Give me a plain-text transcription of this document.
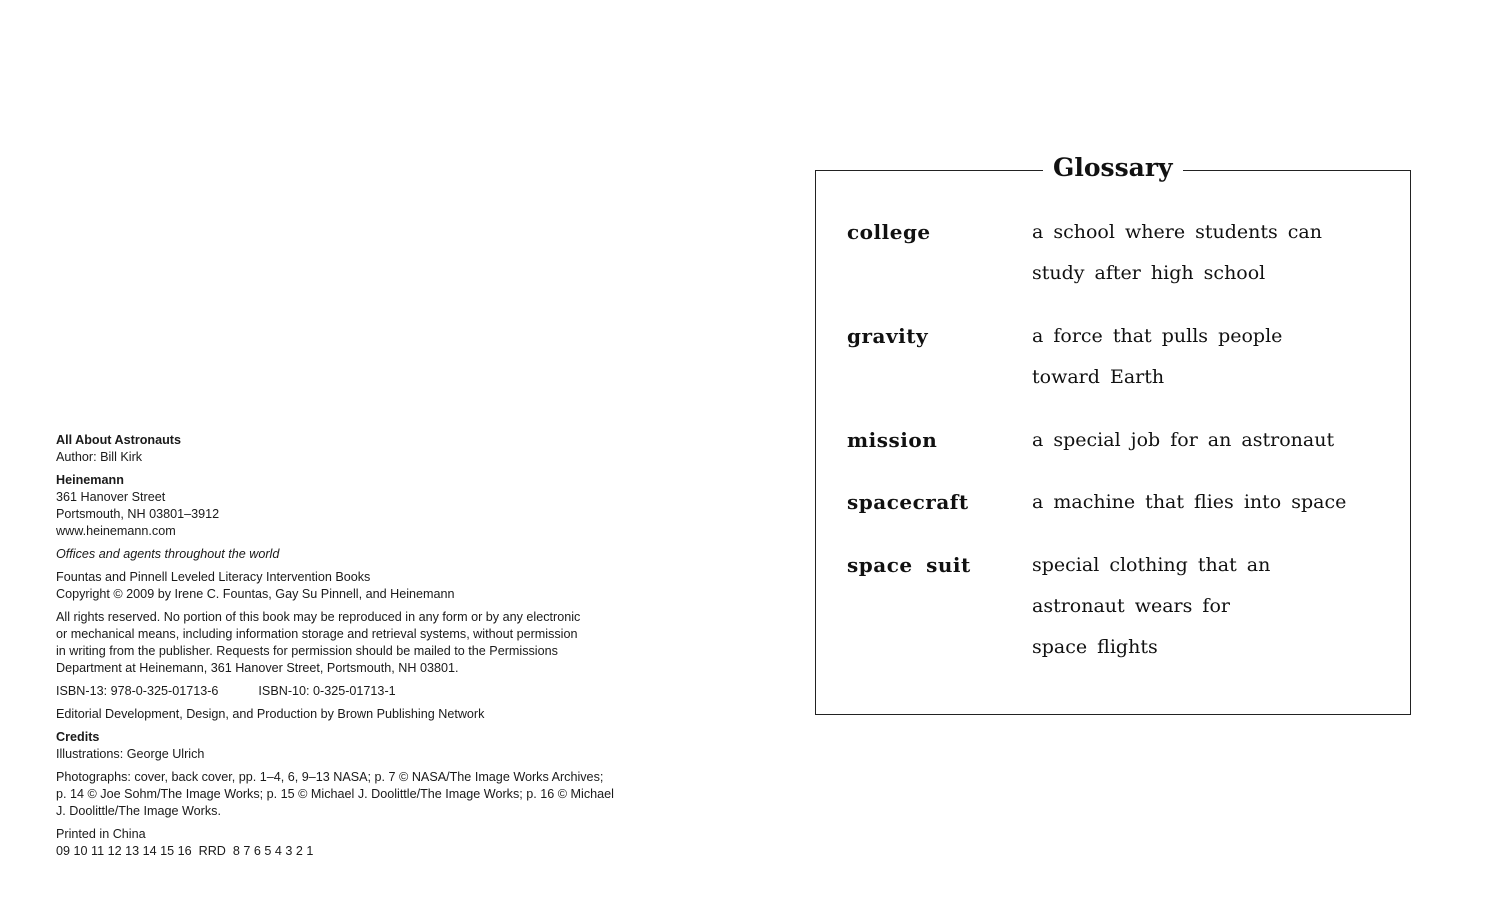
All About Astronauts
Author: Bill Kirk
Heinemann
361 Hanover Street
Portsmouth, NH 03801–3912
www.heinemann.com
Offices and agents throughout the world
Fountas and Pinnell Leveled Literacy Intervention Books
Copyright © 2009 by Irene C. Fountas, Gay Su Pinnell, and Heinemann
All rights reserved. No portion of this book may be reproduced in any form or by any electronic
or mechanical means, including information storage and retrieval systems, without permission
in writing from the publisher. Requests for permission should be mailed to the Permissions
Department at Heinemann, 361 Hanover Street, Portsmouth, NH 03801.
ISBN-13: 978-0-325-01713-6	ISBN-10: 0-325-01713-1
Editorial Development, Design, and Production by Brown Publishing Network
Credits
Illustrations: George Ulrich
Photographs: cover, back cover, pp. 1–4, 6, 9–13 NASA; p. 7 © NASA/The Image Works Archives;
p. 14 © Joe Sohm/The Image Works; p. 15 © Michael J. Doolittle/The Image Works; p. 16 © Michael
J. Doolittle/The Image Works.
Printed in China
09 10 11 12 13 14 15 16  RRD  8 7 6 5 4 3 2 1
Glossary
college	a school where students can
study after high school
gravity	a force that pulls people
toward Earth
mission	a special job for an astronaut
spacecraft	a machine that flies into space
space suit	special clothing that an
astronaut wears for
space flights
